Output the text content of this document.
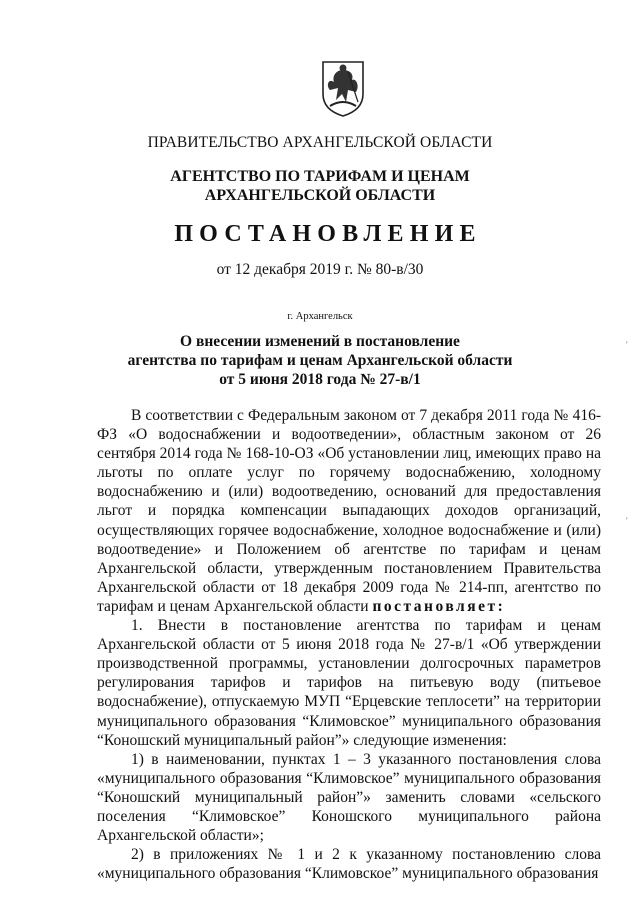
ПРАВИТЕЛЬСТВО АРХАНГЕЛЬСКОЙ ОБЛАСТИ
АГЕНТСТВО ПО ТАРИФАМ И ЦЕНАМ
АРХАНГЕЛЬСКОЙ ОБЛАСТИ
ПОСТАНОВЛЕНИЕ
от 12 декабря 2019 г. № 80-в/30
г. Архангельск
О внесении изменений в постановление
агентства по тарифам и ценам Архангельской области
от 5 июня 2018 года № 27-в/1

В соответствии с Федеральным законом от 7 декабря 2011 года № 416-ФЗ «О водоснабжении и водоотведении», областным законом от 26 сентября 2014 года № 168-10-ОЗ «Об установлении лиц, имеющих право на льготы по оплате услуг по горячему водоснабжению, холодному водоснабжению и (или) водоотведению, оснований для предоставления льгот и порядка компенсации выпадающих доходов организаций, осуществляющих горячее водоснабжение, холодное водоснабжение и (или) водоотведение» и Положением об агентстве по тарифам и ценам Архангельской области, утвержденным постановлением Правительства Архангельской области от 18 декабря 2009 года № 214-пп, агентство по тарифам и ценам Архангельской области постановляет:

1. Внести в постановление агентства по тарифам и ценам Архангельской области от 5 июня 2018 года № 27-в/1 «Об утверждении производственной программы, установлении долгосрочных параметров регулирования тарифов и тарифов на питьевую воду (питьевое водоснабжение), отпускаемую МУП “Ерцевские теплосети” на территории муниципального образования “Климовское” муниципального образования “Коношский муниципальный район”» следующие изменения:

1) в наименовании, пунктах 1 – 3 указанного постановления слова «муниципального образования “Климовское” муниципального образования “Коношский муниципальный район”» заменить словами «сельского поселения “Климовское” Коношского муниципального района Архангельской области»;

2) в приложениях № 1 и 2 к указанному постановлению слова «муниципального образования “Климовское” муниципального образования

'
'
